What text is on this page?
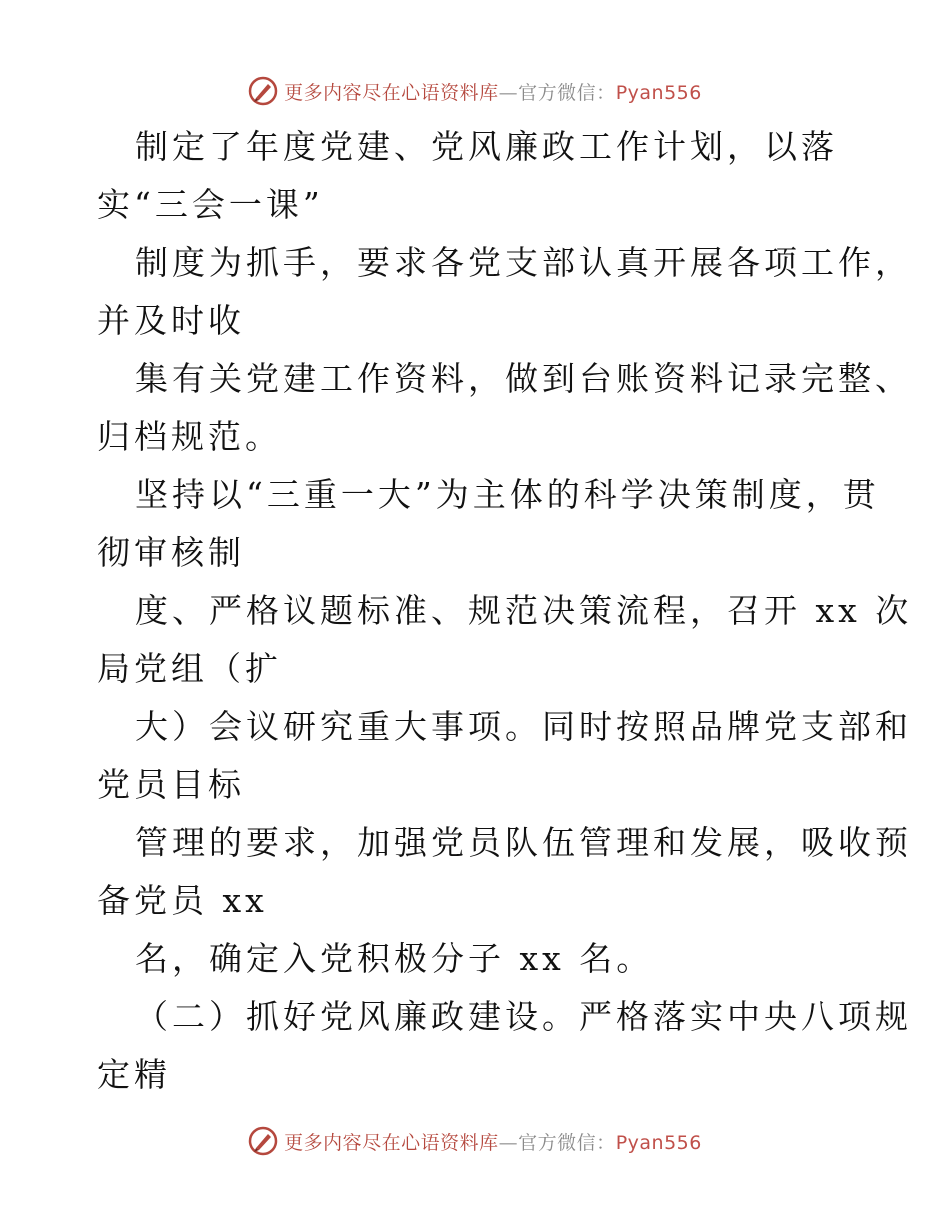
更多内容尽在心语资料库—官方微信：Pyan556
制定了年度党建、党风廉政工作计划，以落
实“三会一课”
制度为抓手，要求各党支部认真开展各项工作，
并及时收
集有关党建工作资料，做到台账资料记录完整、
归档规范。
坚持以“三重一大”为主体的科学决策制度，贯
彻审核制
度、严格议题标准、规范决策流程，召开 xx 次
局党组（扩
大）会议研究重大事项。同时按照品牌党支部和
党员目标
管理的要求，加强党员队伍管理和发展，吸收预
备党员 xx
名，确定入党积极分子 xx 名。
（二）抓好党风廉政建设。严格落实中央八项规
定精
更多内容尽在心语资料库—官方微信：Pyan556
